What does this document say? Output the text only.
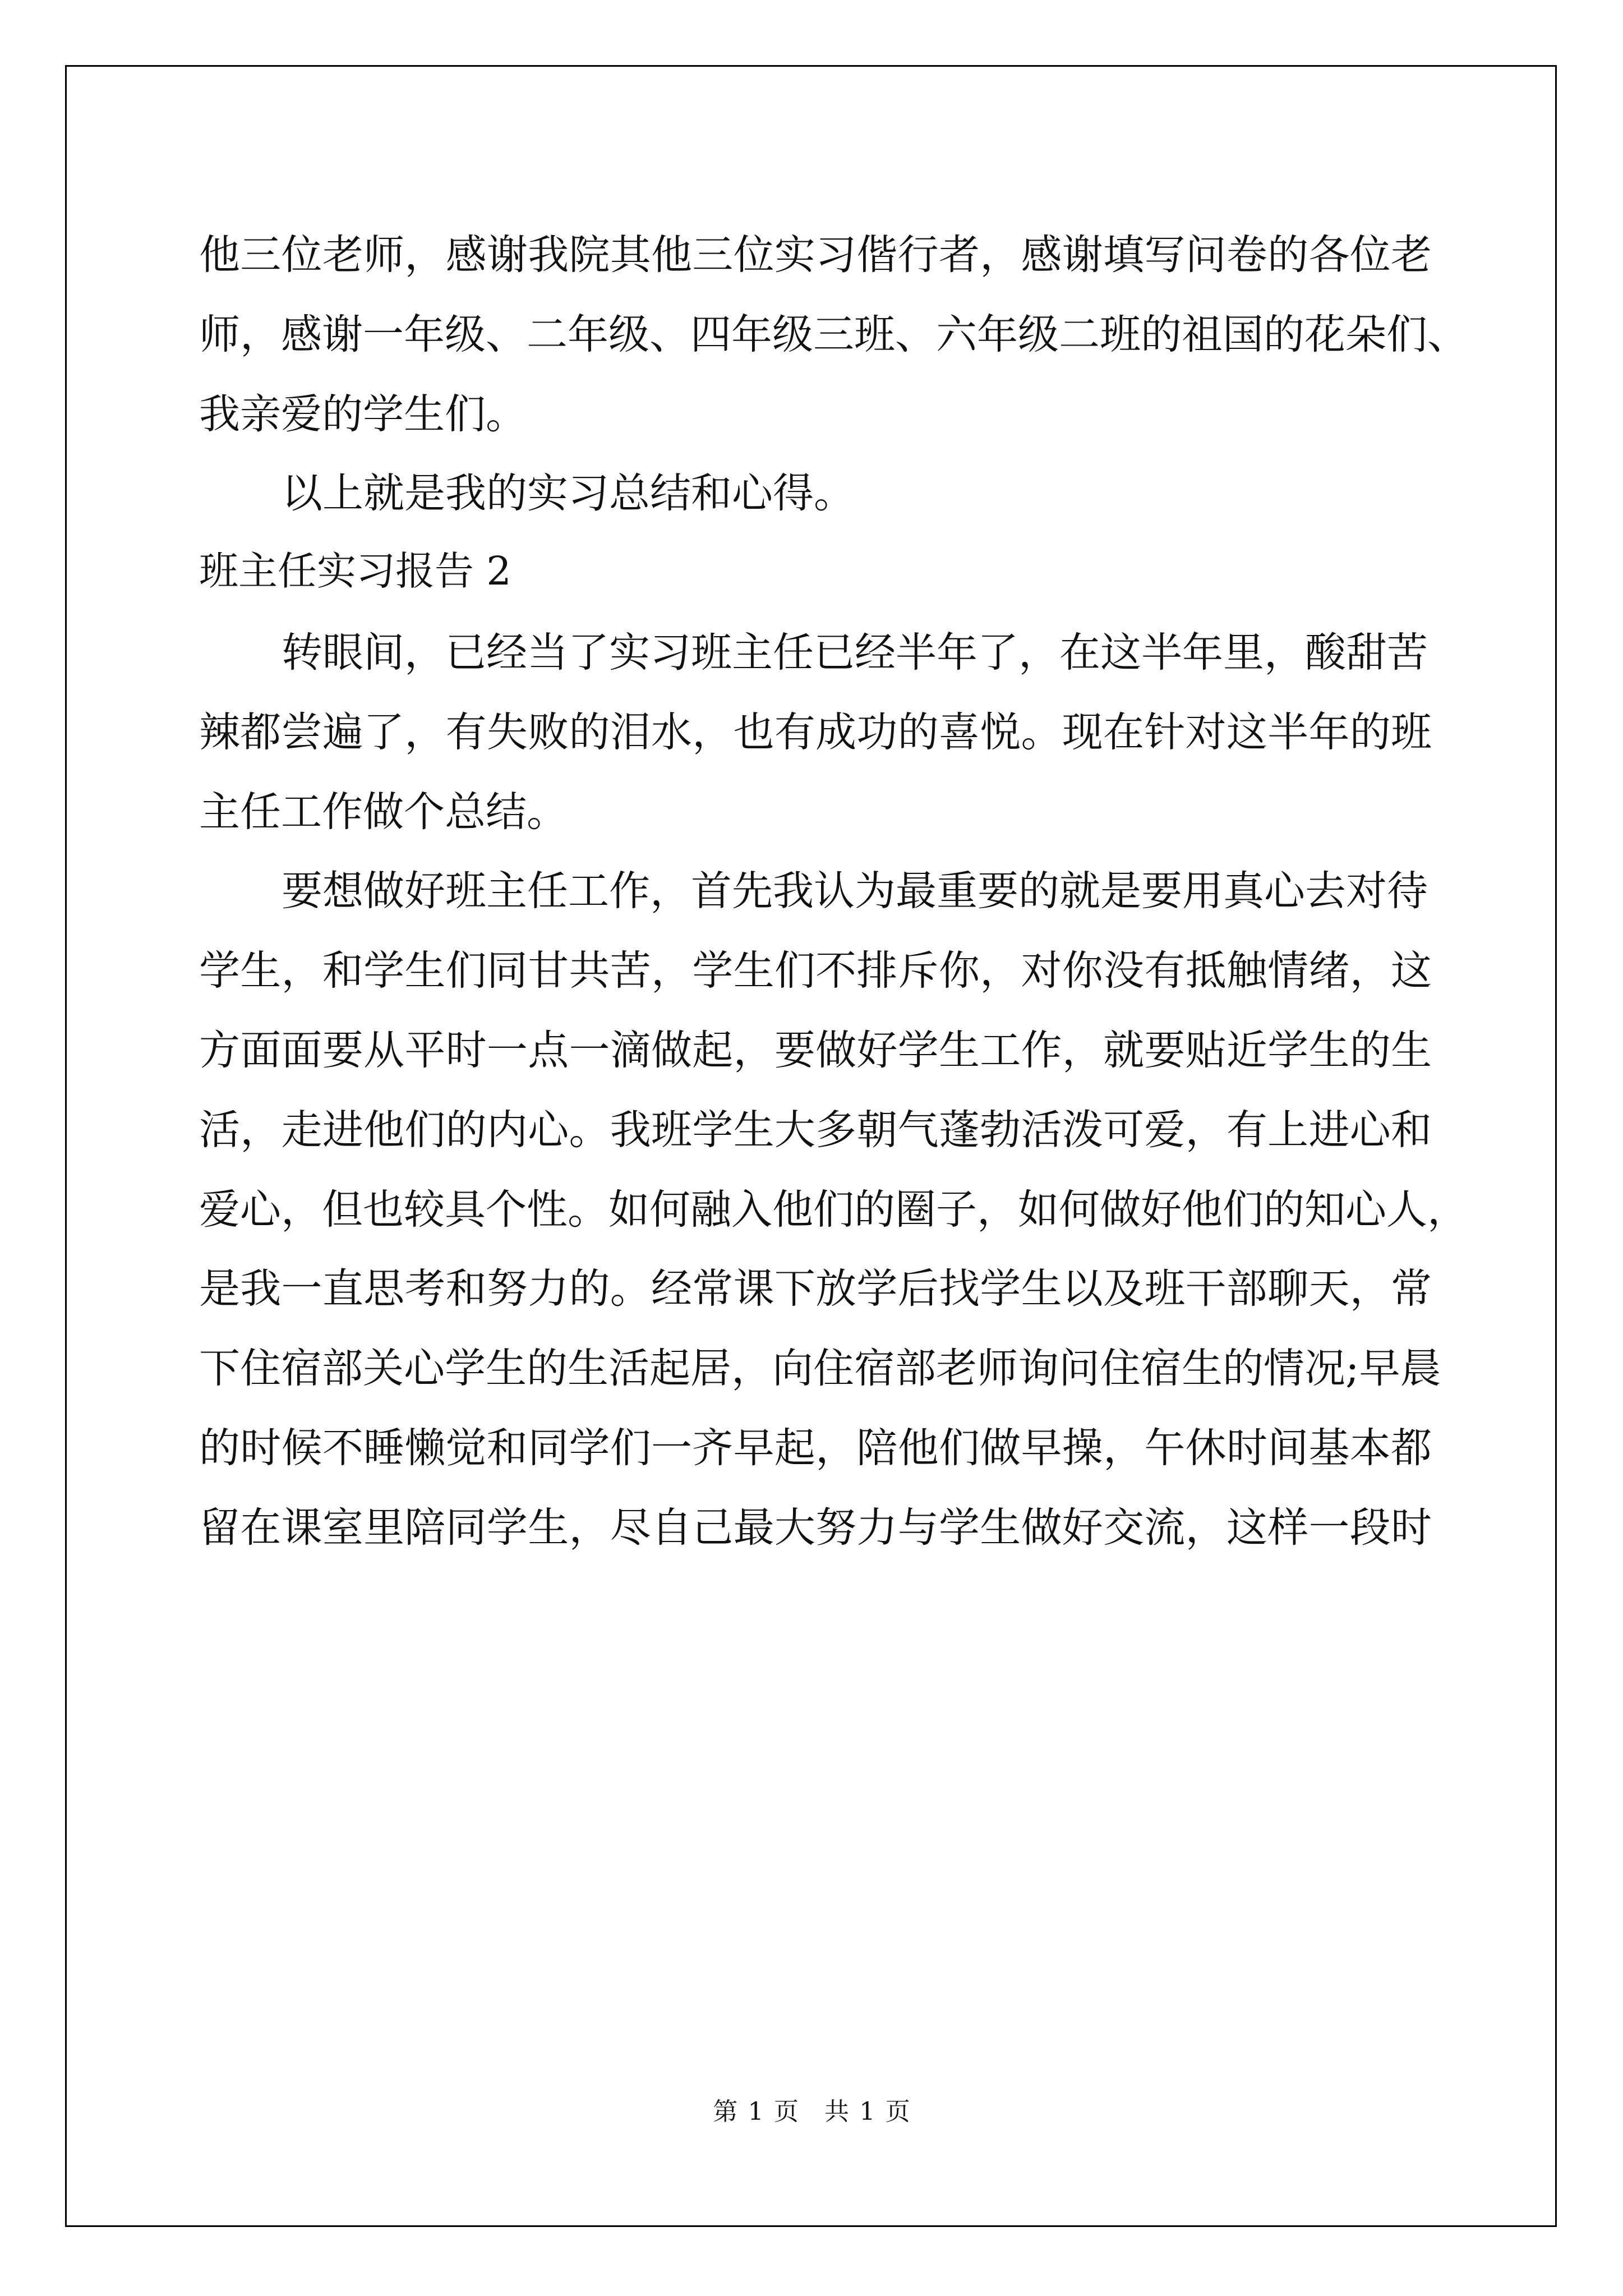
他三位老师，感谢我院其他三位实习偕行者，感谢填写问卷的各位老
师，感谢一年级、二年级、四年级三班、六年级二班的祖国的花朵们、
我亲爱的学生们。
以上就是我的实习总结和心得。
班主任实习报告 2
转眼间，已经当了实习班主任已经半年了，在这半年里，酸甜苦
辣都尝遍了，有失败的泪水，也有成功的喜悦。现在针对这半年的班
主任工作做个总结。
要想做好班主任工作，首先我认为最重要的就是要用真心去对待
学生，和学生们同甘共苦，学生们不排斥你，对你没有抵触情绪，这
方面面要从平时一点一滴做起，要做好学生工作，就要贴近学生的生
活，走进他们的内心。我班学生大多朝气蓬勃活泼可爱，有上进心和
爱心，但也较具个性。如何融入他们的圈子，如何做好他们的知心人，
是我一直思考和努力的。经常课下放学后找学生以及班干部聊天，常
下住宿部关心学生的生活起居，向住宿部老师询问住宿生的情况;早晨
的时候不睡懒觉和同学们一齐早起，陪他们做早操，午休时间基本都
留在课室里陪同学生，尽自己最大努力与学生做好交流，这样一段时
第 1 页 共 1 页
